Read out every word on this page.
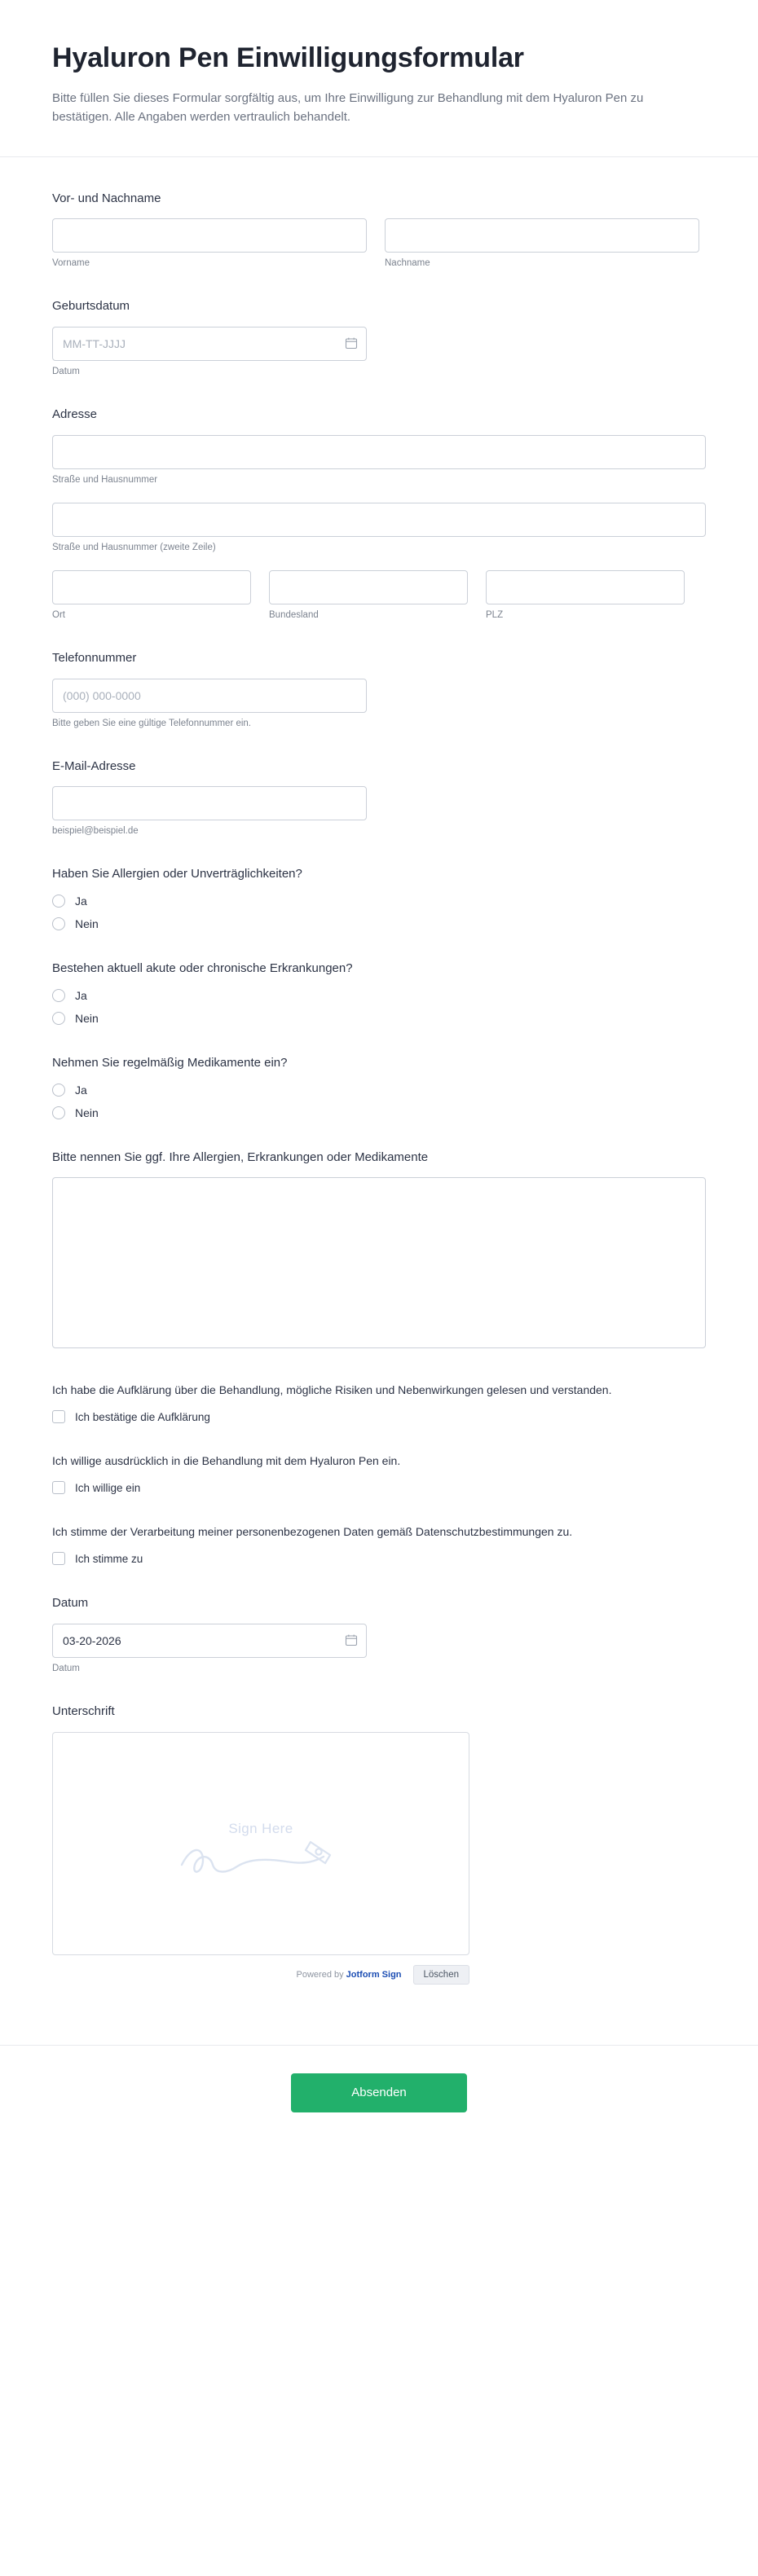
Hyaluron Pen Einwilligungsformular

Bitte füllen Sie dieses Formular sorgfältig aus, um Ihre Einwilligung zur Behandlung mit dem Hyaluron Pen zu bestätigen. Alle Angaben werden vertraulich behandelt.

Vor- und Nachname
Vorname	Nachname
Geburtsdatum
MM-TT-JJJJ
Datum
Adresse
Straße und Hausnummer
Straße und Hausnummer (zweite Zeile)
Ort	Bundesland	PLZ
Telefonnummer
(000) 000-0000
Bitte geben Sie eine gültige Telefonnummer ein.
E-Mail-Adresse
beispiel@beispiel.de
Haben Sie Allergien oder Unverträglichkeiten?
Ja
Nein
Bestehen aktuell akute oder chronische Erkrankungen?
Ja
Nein
Nehmen Sie regelmäßig Medikamente ein?
Ja
Nein
Bitte nennen Sie ggf. Ihre Allergien, Erkrankungen oder Medikamente
Ich habe die Aufklärung über die Behandlung, mögliche Risiken und Nebenwirkungen gelesen und verstanden.
Ich bestätige die Aufklärung
Ich willige ausdrücklich in die Behandlung mit dem Hyaluron Pen ein.
Ich willige ein
Ich stimme der Verarbeitung meiner personenbezogenen Daten gemäß Datenschutzbestimmungen zu.
Ich stimme zu
Datum
03-20-2026
Datum
Unterschrift
Sign Here
Powered by Jotform Sign	Löschen
Absenden
